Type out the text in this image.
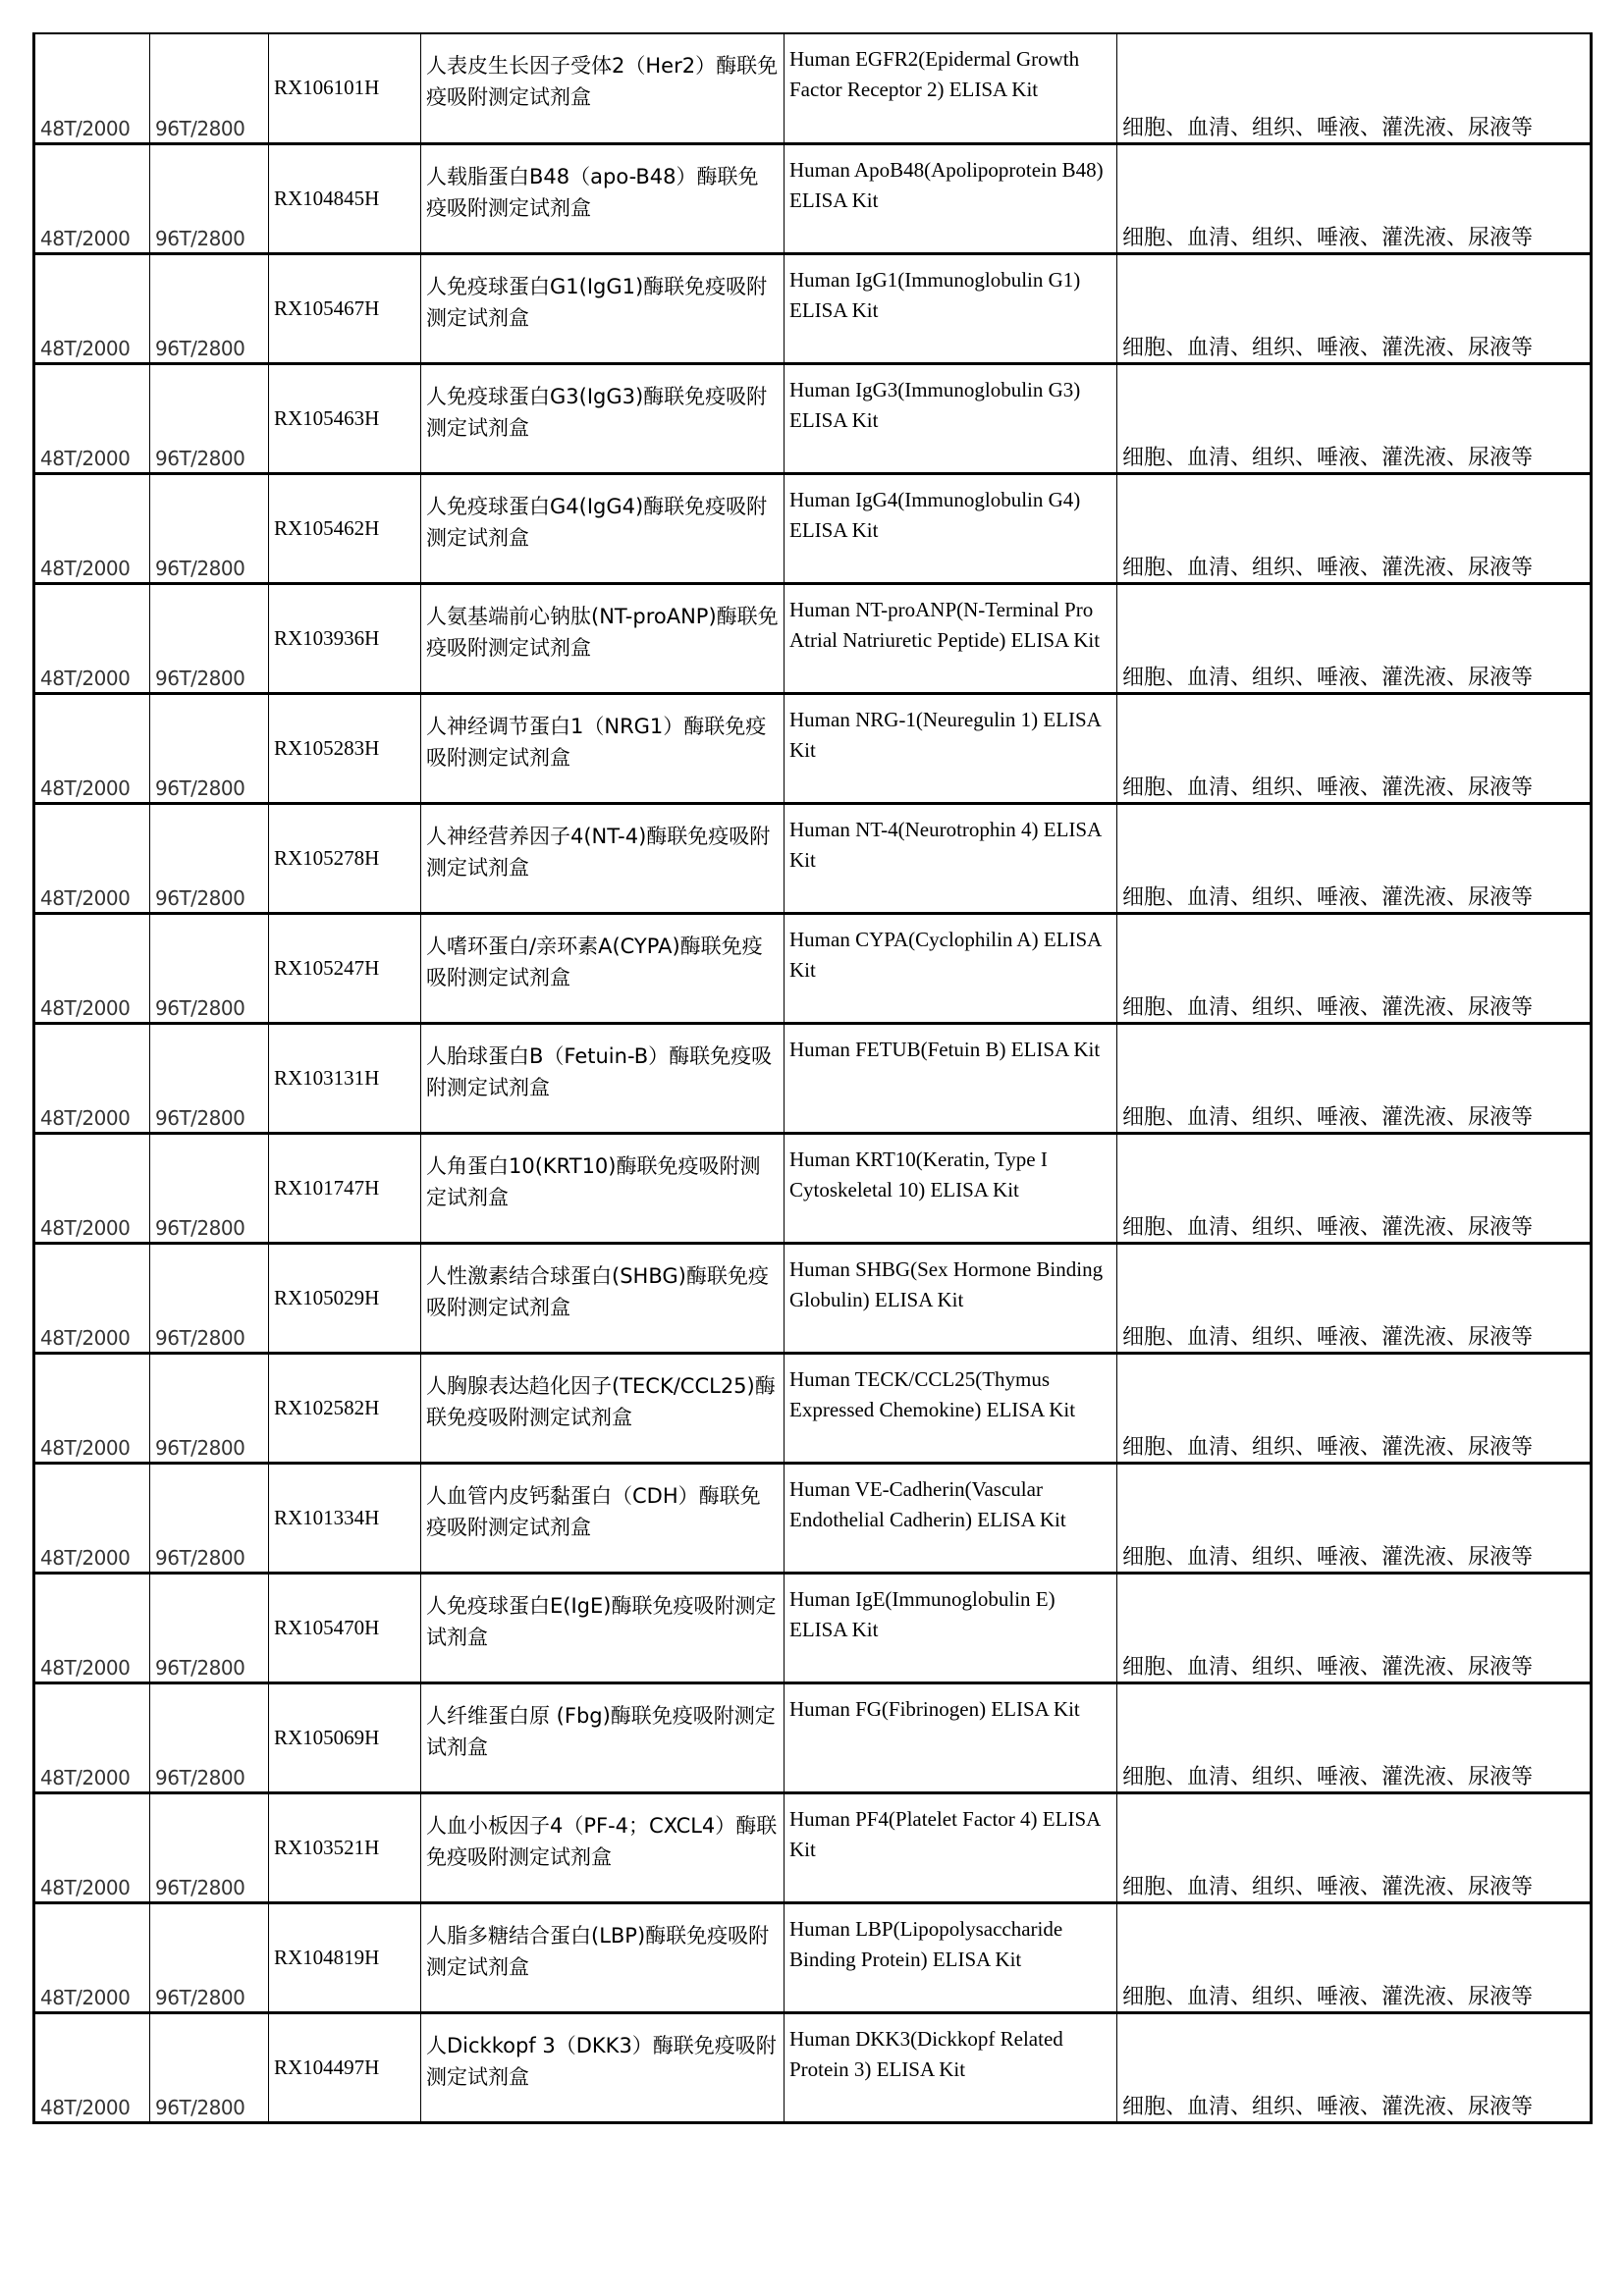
48T/2000	96T/2800	RX106101H	人表皮生长因子受体2（Her2）酶联免疫吸附测定试剂盒	Human EGFR2(Epidermal Growth Factor Receptor 2) ELISA Kit	细胞、血清、组织、唾液、灌洗液、尿液等
48T/2000	96T/2800	RX104845H	人载脂蛋白B48（apo-B48）酶联免疫吸附测定试剂盒	Human ApoB48(Apolipoprotein B48) ELISA Kit	细胞、血清、组织、唾液、灌洗液、尿液等
48T/2000	96T/2800	RX105467H	人免疫球蛋白G1(IgG1)酶联免疫吸附测定试剂盒	Human IgG1(Immunoglobulin G1) ELISA Kit	细胞、血清、组织、唾液、灌洗液、尿液等
48T/2000	96T/2800	RX105463H	人免疫球蛋白G3(IgG3)酶联免疫吸附测定试剂盒	Human IgG3(Immunoglobulin G3) ELISA Kit	细胞、血清、组织、唾液、灌洗液、尿液等
48T/2000	96T/2800	RX105462H	人免疫球蛋白G4(IgG4)酶联免疫吸附测定试剂盒	Human IgG4(Immunoglobulin G4) ELISA Kit	细胞、血清、组织、唾液、灌洗液、尿液等
48T/2000	96T/2800	RX103936H	人氨基端前心钠肽(NT-proANP)酶联免疫吸附测定试剂盒	Human NT-proANP(N-Terminal Pro Atrial Natriuretic Peptide) ELISA Kit	细胞、血清、组织、唾液、灌洗液、尿液等
48T/2000	96T/2800	RX105283H	人神经调节蛋白1（NRG1）酶联免疫吸附测定试剂盒	Human NRG-1(Neuregulin 1) ELISA Kit	细胞、血清、组织、唾液、灌洗液、尿液等
48T/2000	96T/2800	RX105278H	人神经营养因子4(NT-4)酶联免疫吸附测定试剂盒	Human NT-4(Neurotrophin 4) ELISA Kit	细胞、血清、组织、唾液、灌洗液、尿液等
48T/2000	96T/2800	RX105247H	人嗜环蛋白/亲环素A(CYPA)酶联免疫吸附测定试剂盒	Human CYPA(Cyclophilin A) ELISA Kit	细胞、血清、组织、唾液、灌洗液、尿液等
48T/2000	96T/2800	RX103131H	人胎球蛋白B（Fetuin-B）酶联免疫吸附测定试剂盒	Human FETUB(Fetuin B) ELISA Kit	细胞、血清、组织、唾液、灌洗液、尿液等
48T/2000	96T/2800	RX101747H	人角蛋白10(KRT10)酶联免疫吸附测定试剂盒	Human KRT10(Keratin, Type I Cytoskeletal 10) ELISA Kit	细胞、血清、组织、唾液、灌洗液、尿液等
48T/2000	96T/2800	RX105029H	人性激素结合球蛋白(SHBG)酶联免疫吸附测定试剂盒	Human SHBG(Sex Hormone Binding Globulin) ELISA Kit	细胞、血清、组织、唾液、灌洗液、尿液等
48T/2000	96T/2800	RX102582H	人胸腺表达趋化因子(TECK/CCL25)酶联免疫吸附测定试剂盒	Human TECK/CCL25(Thymus Expressed Chemokine) ELISA Kit	细胞、血清、组织、唾液、灌洗液、尿液等
48T/2000	96T/2800	RX101334H	人血管内皮钙黏蛋白（CDH）酶联免疫吸附测定试剂盒	Human VE-Cadherin(Vascular Endothelial Cadherin) ELISA Kit	细胞、血清、组织、唾液、灌洗液、尿液等
48T/2000	96T/2800	RX105470H	人免疫球蛋白E(IgE)酶联免疫吸附测定试剂盒	Human IgE(Immunoglobulin E) ELISA Kit	细胞、血清、组织、唾液、灌洗液、尿液等
48T/2000	96T/2800	RX105069H	人纤维蛋白原 (Fbg)酶联免疫吸附测定试剂盒	Human FG(Fibrinogen) ELISA Kit	细胞、血清、组织、唾液、灌洗液、尿液等
48T/2000	96T/2800	RX103521H	人血小板因子4（PF-4；CXCL4）酶联免疫吸附测定试剂盒	Human PF4(Platelet Factor 4) ELISA Kit	细胞、血清、组织、唾液、灌洗液、尿液等
48T/2000	96T/2800	RX104819H	人脂多糖结合蛋白(LBP)酶联免疫吸附测定试剂盒	Human LBP(Lipopolysaccharide Binding Protein) ELISA Kit	细胞、血清、组织、唾液、灌洗液、尿液等
48T/2000	96T/2800	RX104497H	人Dickkopf 3（DKK3）酶联免疫吸附测定试剂盒	Human DKK3(Dickkopf Related Protein 3) ELISA Kit	细胞、血清、组织、唾液、灌洗液、尿液等
